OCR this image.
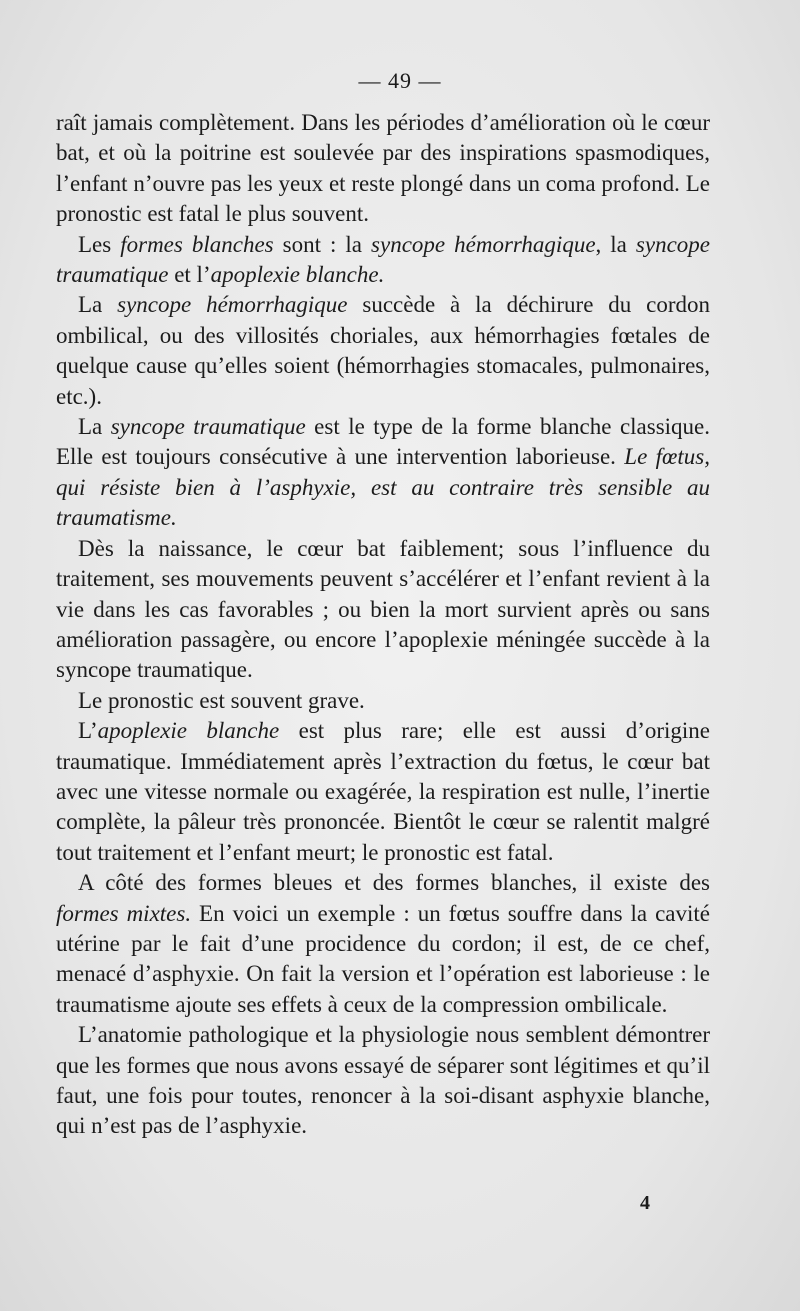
— 49 —

raît jamais complètement. Dans les périodes d’amélioration où le cœur bat, et où la poitrine est soulevée par des inspirations spasmodiques, l’enfant n’ouvre pas les yeux et reste plongé dans un coma profond. Le pronostic est fatal le plus souvent.

Les formes blanches sont : la syncope hémorrhagique, la syncope traumatique et l’apoplexie blanche.

La syncope hémorrhagique succède à la déchirure du cordon ombilical, ou des villosités choriales, aux hémorrhagies fœtales de quelque cause qu’elles soient (hémorrhagies stomacales, pulmonaires, etc.).

La syncope traumatique est le type de la forme blanche classique. Elle est toujours consécutive à une intervention laborieuse. Le fœtus, qui résiste bien à l’asphyxie, est au contraire très sensible au traumatisme.

Dès la naissance, le cœur bat faiblement; sous l’influence du traitement, ses mouvements peuvent s’accélérer et l’enfant revient à la vie dans les cas favorables ; ou bien la mort survient après ou sans amélioration passagère, ou encore l’apoplexie méningée succède à la syncope traumatique.

Le pronostic est souvent grave.

L’apoplexie blanche est plus rare; elle est aussi d’origine traumatique. Immédiatement après l’extraction du fœtus, le cœur bat avec une vitesse normale ou exagérée, la respiration est nulle, l’inertie complète, la pâleur très prononcée. Bientôt le cœur se ralentit malgré tout traitement et l’enfant meurt; le pronostic est fatal.

A côté des formes bleues et des formes blanches, il existe des formes mixtes. En voici un exemple : un fœtus souffre dans la cavité utérine par le fait d’une procidence du cordon; il est, de ce chef, menacé d’asphyxie. On fait la version et l’opération est laborieuse : le traumatisme ajoute ses effets à ceux de la compression ombilicale.

L’anatomie pathologique et la physiologie nous semblent démontrer que les formes que nous avons essayé de séparer sont légitimes et qu’il faut, une fois pour toutes, renoncer à la soi-disant asphyxie blanche, qui n’est pas de l’asphyxie.

4
